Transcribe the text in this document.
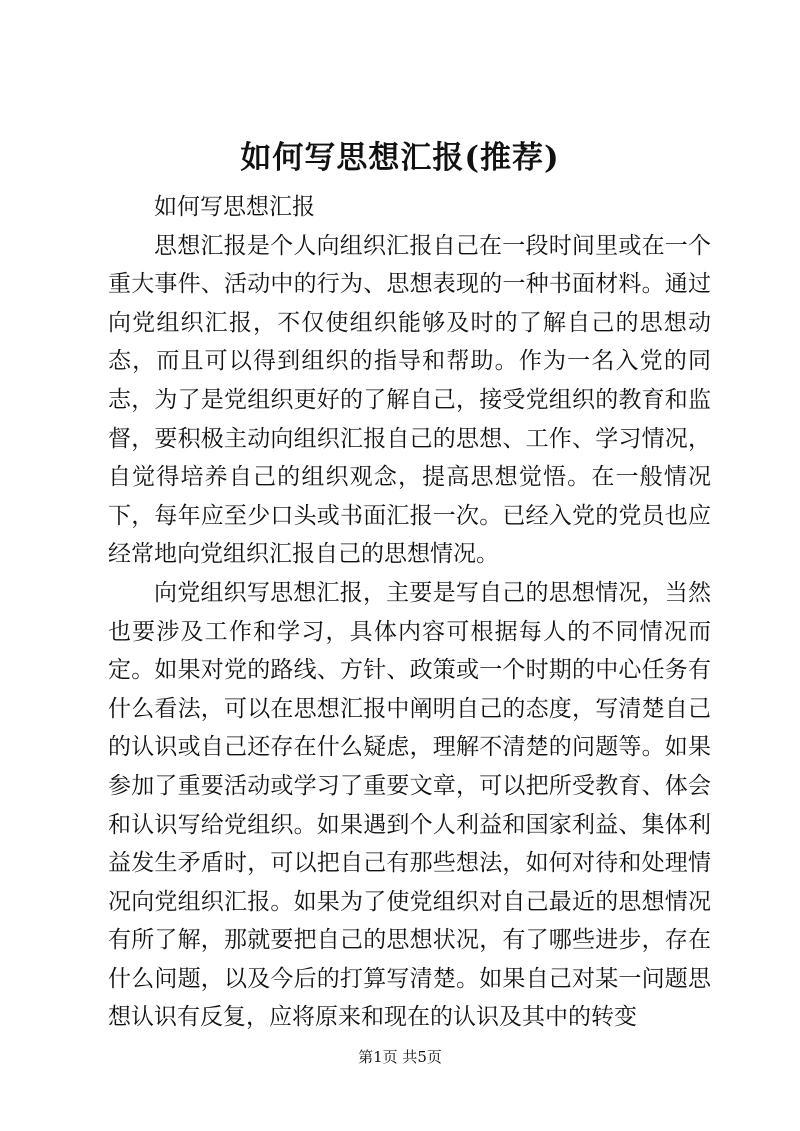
如何写思想汇报(推荐)

如何写思想汇报

思想汇报是个人向组织汇报自己在一段时间里或在一个重大事件、活动中的行为、思想表现的一种书面材料。通过向党组织汇报，不仅使组织能够及时的了解自己的思想动态，而且可以得到组织的指导和帮助。作为一名入党的同志，为了是党组织更好的了解自己，接受党组织的教育和监督，要积极主动向组织汇报自己的思想、工作、学习情况，自觉得培养自己的组织观念，提高思想觉悟。在一般情况下，每年应至少口头或书面汇报一次。已经入党的党员也应经常地向党组织汇报自己的思想情况。

向党组织写思想汇报，主要是写自己的思想情况，当然也要涉及工作和学习，具体内容可根据每人的不同情况而定。如果对党的路线、方针、政策或一个时期的中心任务有什么看法，可以在思想汇报中阐明自己的态度，写清楚自己的认识或自己还存在什么疑虑，理解不清楚的问题等。如果参加了重要活动或学习了重要文章，可以把所受教育、体会和认识写给党组织。如果遇到个人利益和国家利益、集体利益发生矛盾时，可以把自己有那些想法，如何对待和处理情况向党组织汇报。如果为了使党组织对自己最近的思想情况有所了解，那就要把自己的思想状况，有了哪些进步，存在什么问题，以及今后的打算写清楚。如果自己对某一问题思想认识有反复，应将原来和现在的认识及其中的转变

第1页 共5页
